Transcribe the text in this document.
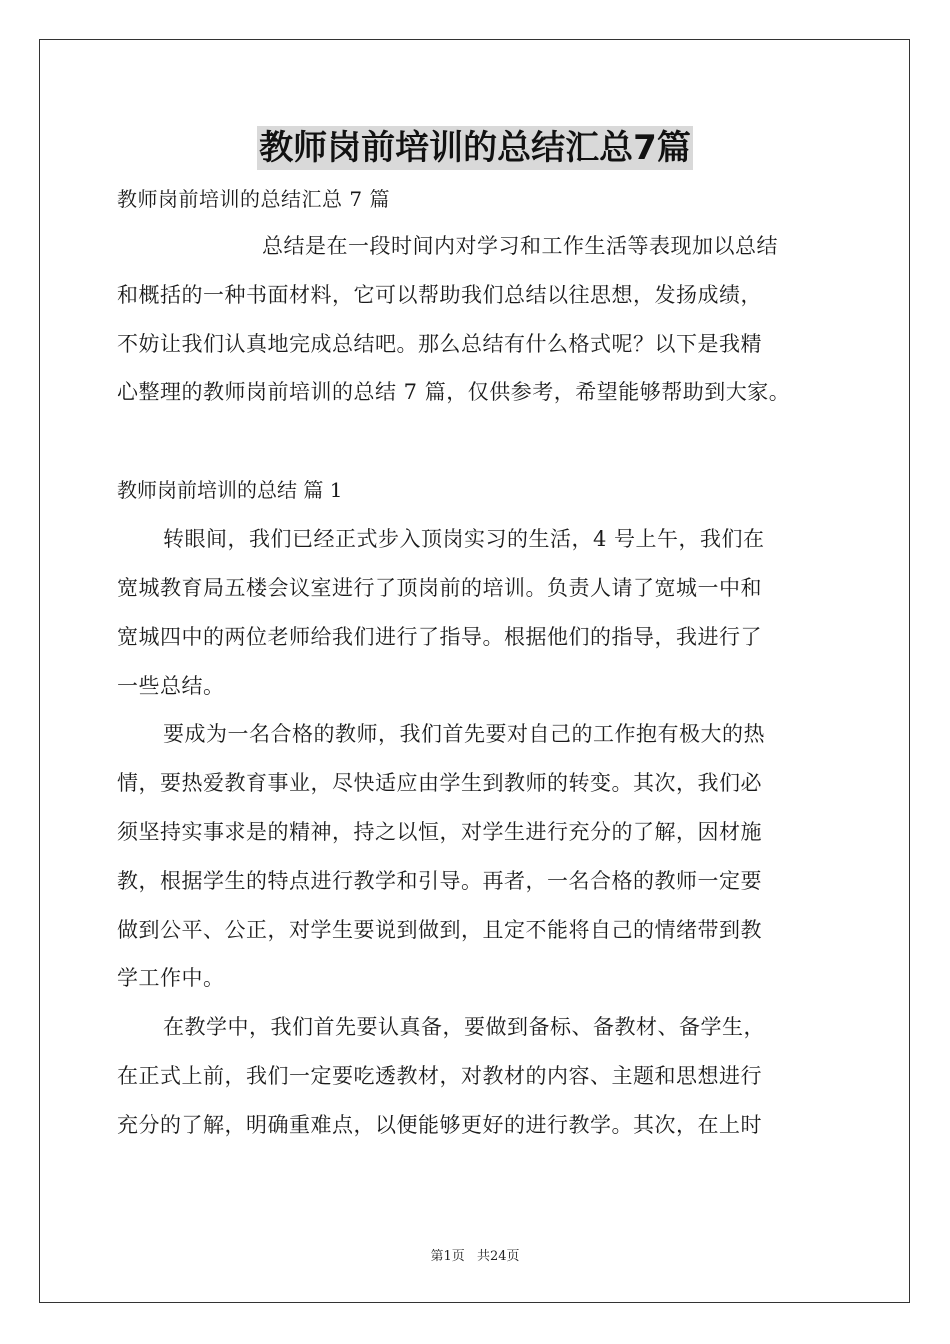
教师岗前培训的总结汇总7篇
教师岗前培训的总结汇总 7 篇
总结是在一段时间内对学习和工作生活等表现加以总结
和概括的一种书面材料，它可以帮助我们总结以往思想，发扬成绩，
不妨让我们认真地完成总结吧。那么总结有什么格式呢？以下是我精
心整理的教师岗前培训的总结 7 篇，仅供参考，希望能够帮助到大家。
教师岗前培训的总结 篇 1
转眼间，我们已经正式步入顶岗实习的生活，4 号上午，我们在
宽城教育局五楼会议室进行了顶岗前的培训。负责人请了宽城一中和
宽城四中的两位老师给我们进行了指导。根据他们的指导，我进行了
一些总结。
要成为一名合格的教师，我们首先要对自己的工作抱有极大的热
情，要热爱教育事业，尽快适应由学生到教师的转变。其次，我们必
须坚持实事求是的精神，持之以恒，对学生进行充分的了解，因材施
教，根据学生的特点进行教学和引导。再者，一名合格的教师一定要
做到公平、公正，对学生要说到做到，且定不能将自己的情绪带到教
学工作中。
在教学中，我们首先要认真备，要做到备标、备教材、备学生，
在正式上前，我们一定要吃透教材，对教材的内容、主题和思想进行
充分的了解，明确重难点，以便能够更好的进行教学。其次，在上时
第1页 共24页
